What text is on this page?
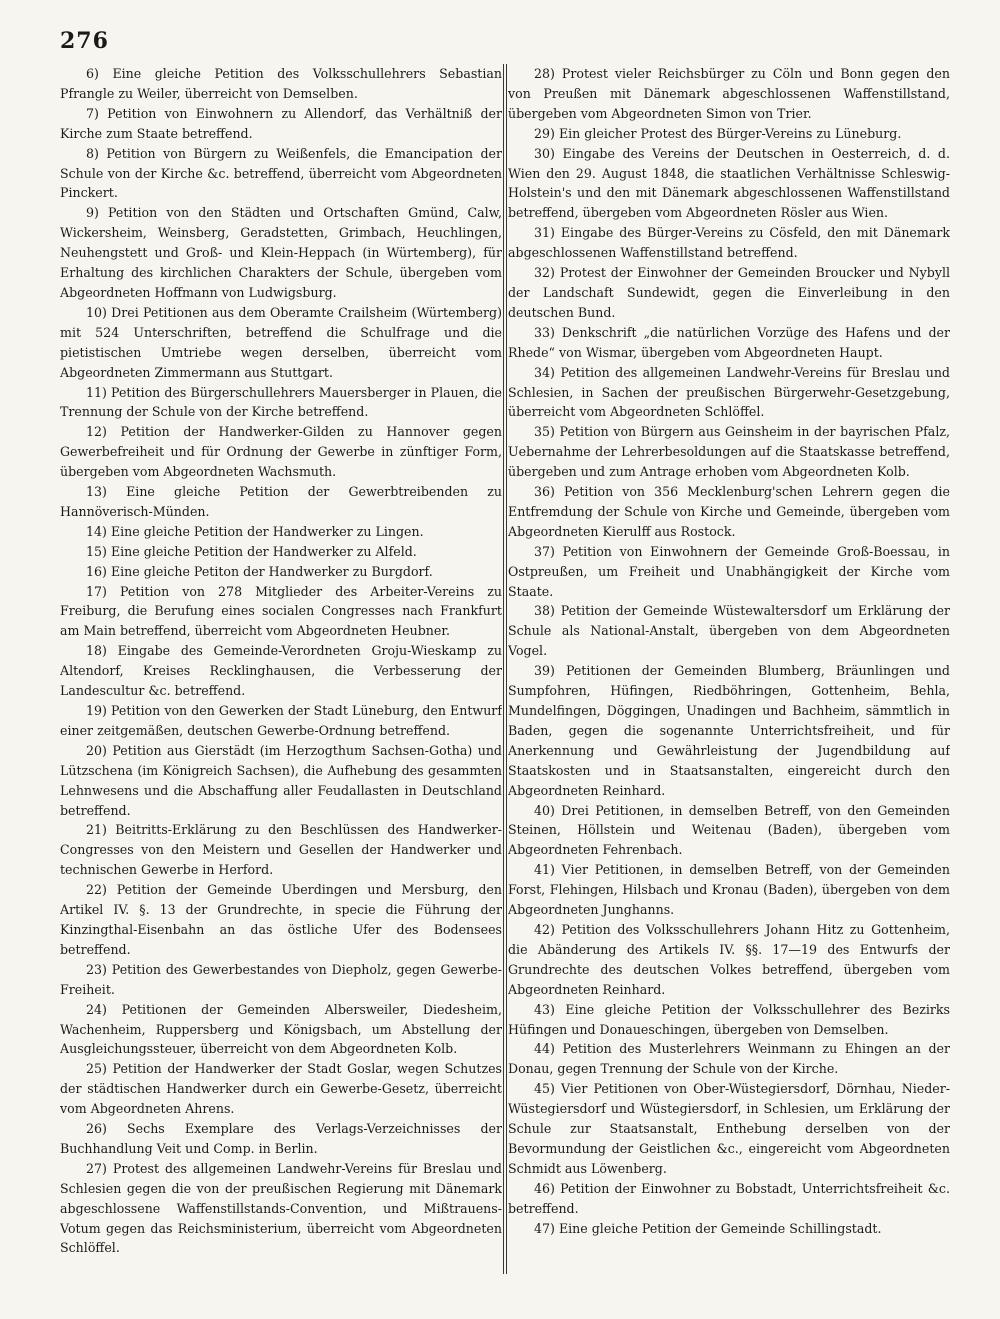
276

6) Eine gleiche Petition des Volksschullehrers Sebastian Pfrangle zu Weiler, überreicht von Demselben.

7) Petition von Einwohnern zu Allendorf, das Verhältniß der Kirche zum Staate betreffend.

8) Petition von Bürgern zu Weißenfels, die Emancipation der Schule von der Kirche &c. betreffend, überreicht vom Abgeordneten Pinckert.

9) Petition von den Städten und Ortschaften Gmünd, Calw, Wickersheim, Weinsberg, Geradstetten, Grimbach, Heuchlingen, Neuhengstett und Groß- und Klein-Heppach (in Würtemberg), für Erhaltung des kirchlichen Charakters der Schule, übergeben vom Abgeordneten Hoffmann von Ludwigsburg.

10) Drei Petitionen aus dem Oberamte Crailsheim (Würtemberg) mit 524 Unterschriften, betreffend die Schulfrage und die pietistischen Umtriebe wegen derselben, überreicht vom Abgeordneten Zimmermann aus Stuttgart.

11) Petition des Bürgerschullehrers Mauersberger in Plauen, die Trennung der Schule von der Kirche betreffend.

12) Petition der Handwerker-Gilden zu Hannover gegen Gewerbefreiheit und für Ordnung der Gewerbe in zünftiger Form, übergeben vom Abgeordneten Wachsmuth.

13) Eine gleiche Petition der Gewerbtreibenden zu Hannöverisch-Münden.

14) Eine gleiche Petition der Handwerker zu Lingen.

15) Eine gleiche Petition der Handwerker zu Alfeld.

16) Eine gleiche Petiton der Handwerker zu Burgdorf.

17) Petition von 278 Mitglieder des Arbeiter-Vereins zu Freiburg, die Berufung eines socialen Congresses nach Frankfurt am Main betreffend, überreicht vom Abgeordneten Heubner.

18) Eingabe des Gemeinde-Verordneten Groju-Wieskamp zu Altendorf, Kreises Recklinghausen, die Verbesserung der Landescultur &c. betreffend.

19) Petition von den Gewerken der Stadt Lüneburg, den Entwurf einer zeitgemäßen, deutschen Gewerbe-Ordnung betreffend.

20) Petition aus Gierstädt (im Herzogthum Sachsen-Gotha) und Lützschena (im Königreich Sachsen), die Aufhebung des gesammten Lehnwesens und die Abschaffung aller Feudallasten in Deutschland betreffend.

21) Beitritts-Erklärung zu den Beschlüssen des Handwerker-Congresses von den Meistern und Gesellen der Handwerker und technischen Gewerbe in Herford.

22) Petition der Gemeinde Uberdingen und Mersburg, den Artikel IV. §. 13 der Grundrechte, in specie die Führung der Kinzingthal-Eisenbahn an das östliche Ufer des Bodensees betreffend.

23) Petition des Gewerbestandes von Diepholz, gegen Gewerbe-Freiheit.

24) Petitionen der Gemeinden Albersweiler, Diedesheim, Wachenheim, Ruppersberg und Königsbach, um Abstellung der Ausgleichungssteuer, überreicht von dem Abgeordneten Kolb.

25) Petition der Handwerker der Stadt Goslar, wegen Schutzes der städtischen Handwerker durch ein Gewerbe-Gesetz, überreicht vom Abgeordneten Ahrens.

26) Sechs Exemplare des Verlags-Verzeichnisses der Buchhandlung Veit und Comp. in Berlin.

27) Protest des allgemeinen Landwehr-Vereins für Breslau und Schlesien gegen die von der preußischen Regierung mit Dänemark abgeschlossene Waffenstillstands-Convention, und Mißtrauens-Votum gegen das Reichsministerium, überreicht vom Abgeordneten Schlöffel.

28) Protest vieler Reichsbürger zu Cöln und Bonn gegen den von Preußen mit Dänemark abgeschlossenen Waffenstillstand, übergeben vom Abgeordneten Simon von Trier.

29) Ein gleicher Protest des Bürger-Vereins zu Lüneburg.

30) Eingabe des Vereins der Deutschen in Oesterreich, d. d. Wien den 29. August 1848, die staatlichen Verhältnisse Schleswig-Holstein's und den mit Dänemark abgeschlossenen Waffenstillstand betreffend, übergeben vom Abgeordneten Rösler aus Wien.

31) Eingabe des Bürger-Vereins zu Cösfeld, den mit Dänemark abgeschlossenen Waffenstillstand betreffend.

32) Protest der Einwohner der Gemeinden Broucker und Nybyll der Landschaft Sundewidt, gegen die Einverleibung in den deutschen Bund.

33) Denkschrift „die natürlichen Vorzüge des Hafens und der Rhede“ von Wismar, übergeben vom Abgeordneten Haupt.

34) Petition des allgemeinen Landwehr-Vereins für Breslau und Schlesien, in Sachen der preußischen Bürgerwehr-Gesetzgebung, überreicht vom Abgeordneten Schlöffel.

35) Petition von Bürgern aus Geinsheim in der bayrischen Pfalz, Uebernahme der Lehrerbesoldungen auf die Staatskasse betreffend, übergeben und zum Antrage erhoben vom Abgeordneten Kolb.

36) Petition von 356 Mecklenburg'schen Lehrern gegen die Entfremdung der Schule von Kirche und Gemeinde, übergeben vom Abgeordneten Kierulff aus Rostock.

37) Petition von Einwohnern der Gemeinde Groß-Boessau, in Ostpreußen, um Freiheit und Unabhängigkeit der Kirche vom Staate.

38) Petition der Gemeinde Wüstewaltersdorf um Erklärung der Schule als National-Anstalt, übergeben von dem Abgeordneten Vogel.

39) Petitionen der Gemeinden Blumberg, Bräunlingen und Sumpfohren, Hüfingen, Riedböhringen, Gottenheim, Behla, Mundelfingen, Döggingen, Unadingen und Bachheim, sämmtlich in Baden, gegen die sogenannte Unterrichtsfreiheit, und für Anerkennung und Gewährleistung der Jugendbildung auf Staatskosten und in Staatsanstalten, eingereicht durch den Abgeordneten Reinhard.

40) Drei Petitionen, in demselben Betreff, von den Gemeinden Steinen, Höllstein und Weitenau (Baden), übergeben vom Abgeordneten Fehrenbach.

41) Vier Petitionen, in demselben Betreff, von der Gemeinden Forst, Flehingen, Hilsbach und Kronau (Baden), übergeben von dem Abgeordneten Junghanns.

42) Petition des Volksschullehrers Johann Hitz zu Gottenheim, die Abänderung des Artikels IV. §§. 17—19 des Entwurfs der Grundrechte des deutschen Volkes betreffend, übergeben vom Abgeordneten Reinhard.

43) Eine gleiche Petition der Volksschullehrer des Bezirks Hüfingen und Donaueschingen, übergeben von Demselben.

44) Petition des Musterlehrers Weinmann zu Ehingen an der Donau, gegen Trennung der Schule von der Kirche.

45) Vier Petitionen von Ober-Wüstegiersdorf, Dörnhau, Nieder-Wüstegiersdorf und Wüstegiersdorf, in Schlesien, um Erklärung der Schule zur Staatsanstalt, Enthebung derselben von der Bevormundung der Geistlichen &c., eingereicht vom Abgeordneten Schmidt aus Löwenberg.

46) Petition der Einwohner zu Bobstadt, Unterrichtsfreiheit &c. betreffend.

47) Eine gleiche Petition der Gemeinde Schillingstadt.
